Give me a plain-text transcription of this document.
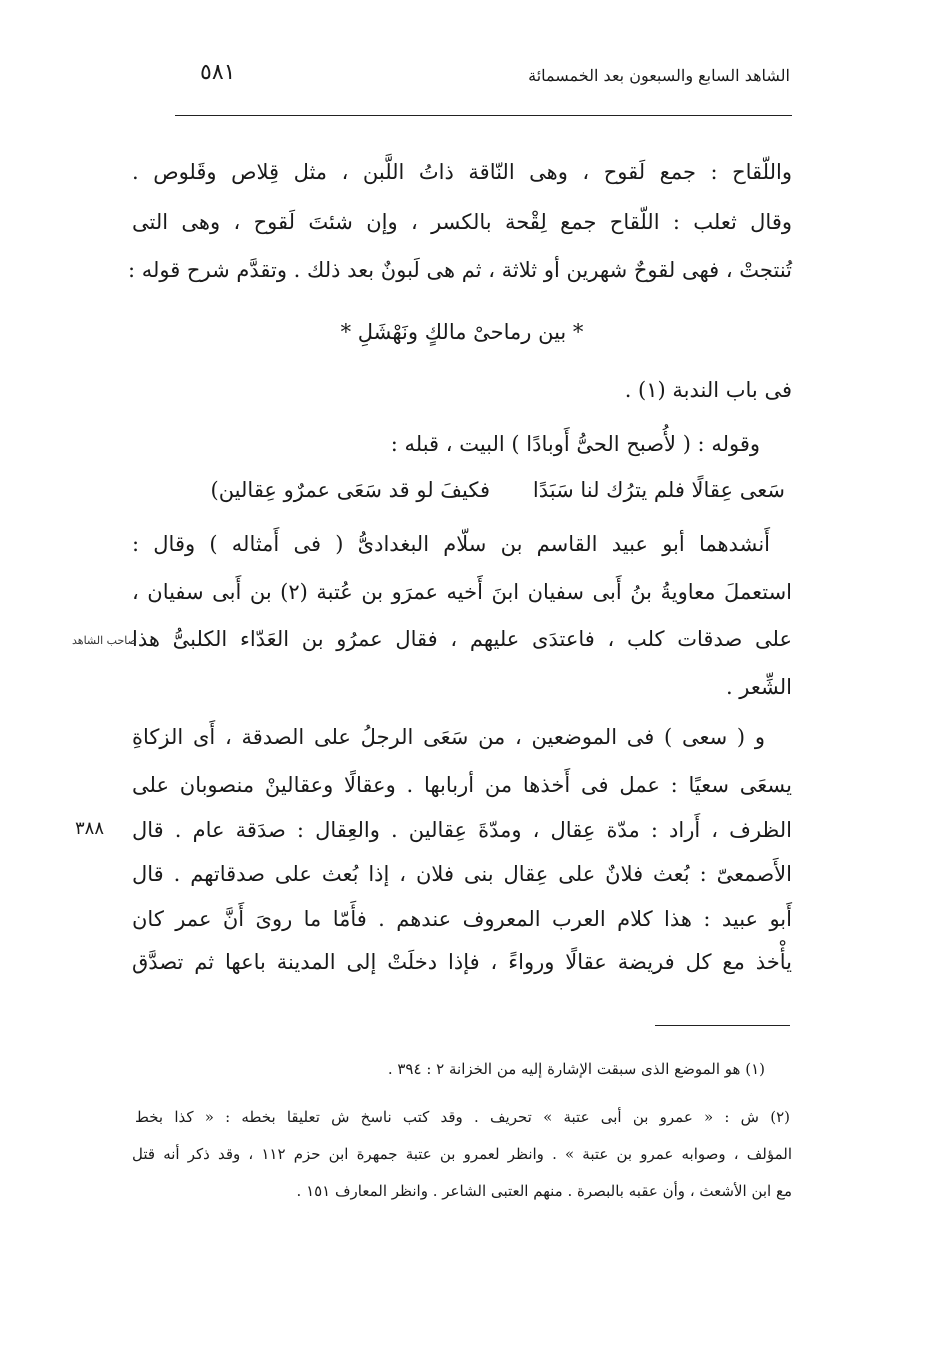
الشاهد السابع والسبعون بعد الخمسمائة
٥٨١
واللّقاح : جمع لَقوح ، وهى النّاقة ذاتُ اللَّبن ، مثل قِلاص وقَلوص .
وقال ثعلب : اللّقاح جمع لِقْحة بالكسر ، وإن شئتَ لَقوح ، وهى التى
تُنتجتْ ، فهى لقوحٌ شهرين أو ثلاثة ، ثم هى لَبونٌ بعد ذلك . وتقدَّم شرح قوله :
* بين رماحىْ مالكٍ ونَهْشَلِ *
فى باب الندبة (١) .
وقوله : ( لأُصبح الحىُّ أَوبادًا ) البيت ، قبله :
سَعى عِقالًا فلم يترُك لنا سَبَدًا
فكيفَ لو قد سَعَى عمرٌو عِقالين)
أَنشدهما أبو عبيد القاسم بن سلّام البغدادىُّ ( فى أَمثاله ) وقال :
استعملَ معاويةُ بنُ أَبى سفيان ابنَ أَخيه عمرَو بن عُتبة (٢) بن أَبى سفيان ،
على صدقات كلب ، فاعتدَى عليهم ، فقال عمرُو بن العَدّاء الكلبىُّ هذا
الشِّعر .
صاحب الشاهد
٣٨٨
و ( سعى ) فى الموضعين ، من سَعَى الرجلُ على الصدقة ، أَى الزكاةِ
يسعَى سعيًا : عمل فى أَخذها من أربابها . وعقالًا وعقالينْ منصوبان على
الظرف ، أَراد : مدّة عِقال ، ومدّةَ عِقالين . والعِقال : صدَقة عام . قال
الأَصمعىّ : بُعث فلانٌ على عِقال بنى فلان ، إذا بُعث على صدقاتهم . قال
أَبو عبيد : هذا كلام العرب المعروف عندهم . فأَمّا ما روىَ أَنَّ عمر كان
يأْخذ مع كل فريضة عقالًا ورواءً ، فإذا دخلَتْ إلى المدينة باعها ثم تصدَّق
(١) هو الموضع الذى سبقت الإشارة إليه من الخزانة ٢ : ٣٩٤ .
(٢) ش : « عمرو بن أبى عتبة » تحريف . وقد كتب ناسخ ش تعليقا بخطه : « كذا بخط
المؤلف ، وصوابه عمرو بن عتبة » . وانظر لعمرو بن عتبة جمهرة ابن حزم ١١٢ ، وقد ذكر أنه قتل
مع ابن الأشعث ، وأن عقبه بالبصرة . منهم العتبى الشاعر . وانظر المعارف ١٥١ .
